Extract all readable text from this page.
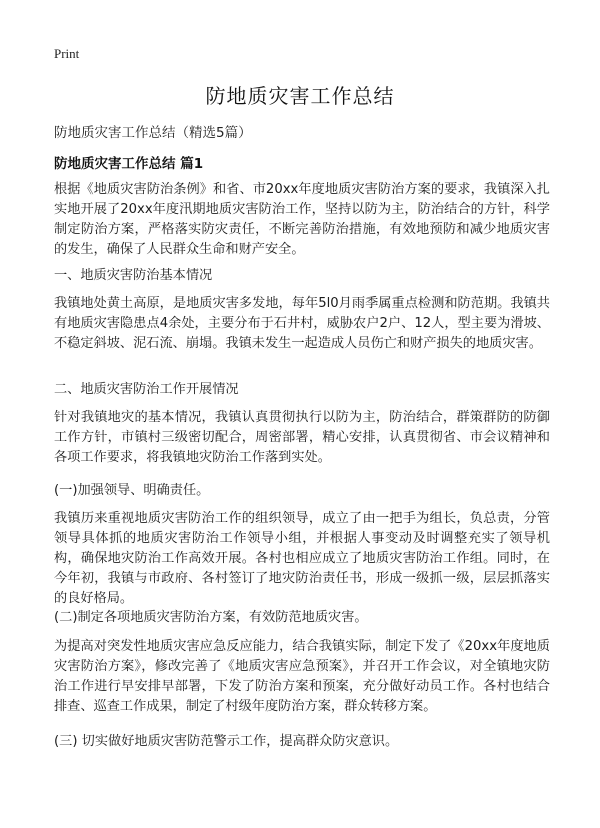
Print
防地质灾害工作总结
防地质灾害工作总结（精选5篇）
防地质灾害工作总结 篇1
根据《地质灾害防治条例》和省、市20xx年度地质灾害防治方案的要求，我镇深入扎实地开展了20xx年度汛期地质灾害防治工作，坚持以防为主，防治结合的方针，科学制定防治方案，严格落实防灾责任，不断完善防治措施，有效地预防和减少地质灾害的发生，确保了人民群众生命和财产安全。
一、地质灾害防治基本情况
我镇地处黄土高原，是地质灾害多发地，每年5l0月雨季属重点检测和防范期。我镇共有地质灾害隐患点4余处，主要分布于石井村，威胁农户2户、12人，型主要为滑坡、不稳定斜坡、泥石流、崩塌。我镇未发生一起造成人员伤亡和财产损失的地质灾害。
二、地质灾害防治工作开展情况
针对我镇地灾的基本情况，我镇认真贯彻执行以防为主，防治结合，群策群防的防御工作方针，市镇村三级密切配合，周密部署，精心安排，认真贯彻省、市会议精神和各项工作要求，将我镇地灾防治工作落到实处。
(一)加强领导、明确责任。
我镇历来重视地质灾害防治工作的组织领导，成立了由一把手为组长，负总责，分管领导具体抓的地质灾害防治工作领导小组，并根据人事变动及时调整充实了领导机构，确保地灾防治工作高效开展。各村也相应成立了地质灾害防治工作组。同时，在今年初，我镇与市政府、各村签订了地灾防治责任书，形成一级抓一级，层层抓落实的良好格局。
(二)制定各项地质灾害防治方案，有效防范地质灾害。
为提高对突发性地质灾害应急反应能力，结合我镇实际，制定下发了《20xx年度地质灾害防治方案》，修改完善了《地质灾害应急预案》，并召开工作会议，对全镇地灾防治工作进行早安排早部署，下发了防治方案和预案，充分做好动员工作。各村也结合排查、巡查工作成果，制定了村级年度防治方案，群众转移方案。
(三) 切实做好地质灾害防范警示工作，提高群众防灾意识。
